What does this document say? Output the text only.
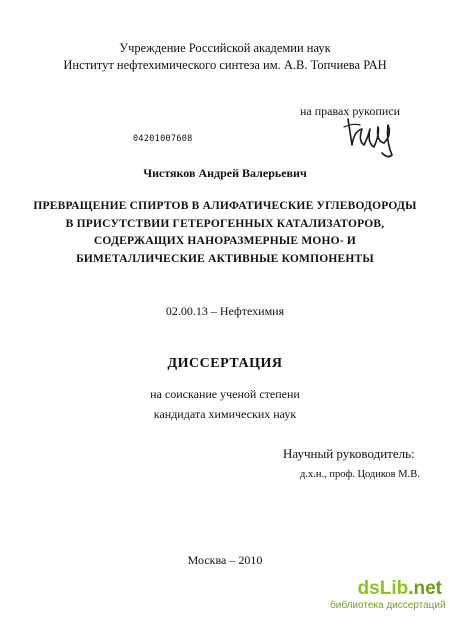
Учреждение Российской академии наук
Институт нефтехимического синтеза им. А.В. Топчиева РАН
на правах рукописи
04201007608
Чистяков Андрей Валерьевич
ПРЕВРАЩЕНИЕ СПИРТОВ В АЛИФАТИЧЕСКИЕ УГЛЕВОДОРОДЫ
В ПРИСУТСТВИИ ГЕТЕРОГЕННЫХ КАТАЛИЗАТОРОВ,
СОДЕРЖАЩИХ НАНОРАЗМЕРНЫЕ МОНО- И
БИМЕТАЛЛИЧЕСКИЕ АКТИВНЫЕ КОМПОНЕНТЫ
02.00.13 – Нефтехимия
ДИССЕРТАЦИЯ
на соискание ученой степени
кандидата химических наук
Научный руководитель:
д.х.н., проф. Цодиков М.В.
Москва – 2010
dsLib.net
библиотека диссертаций
